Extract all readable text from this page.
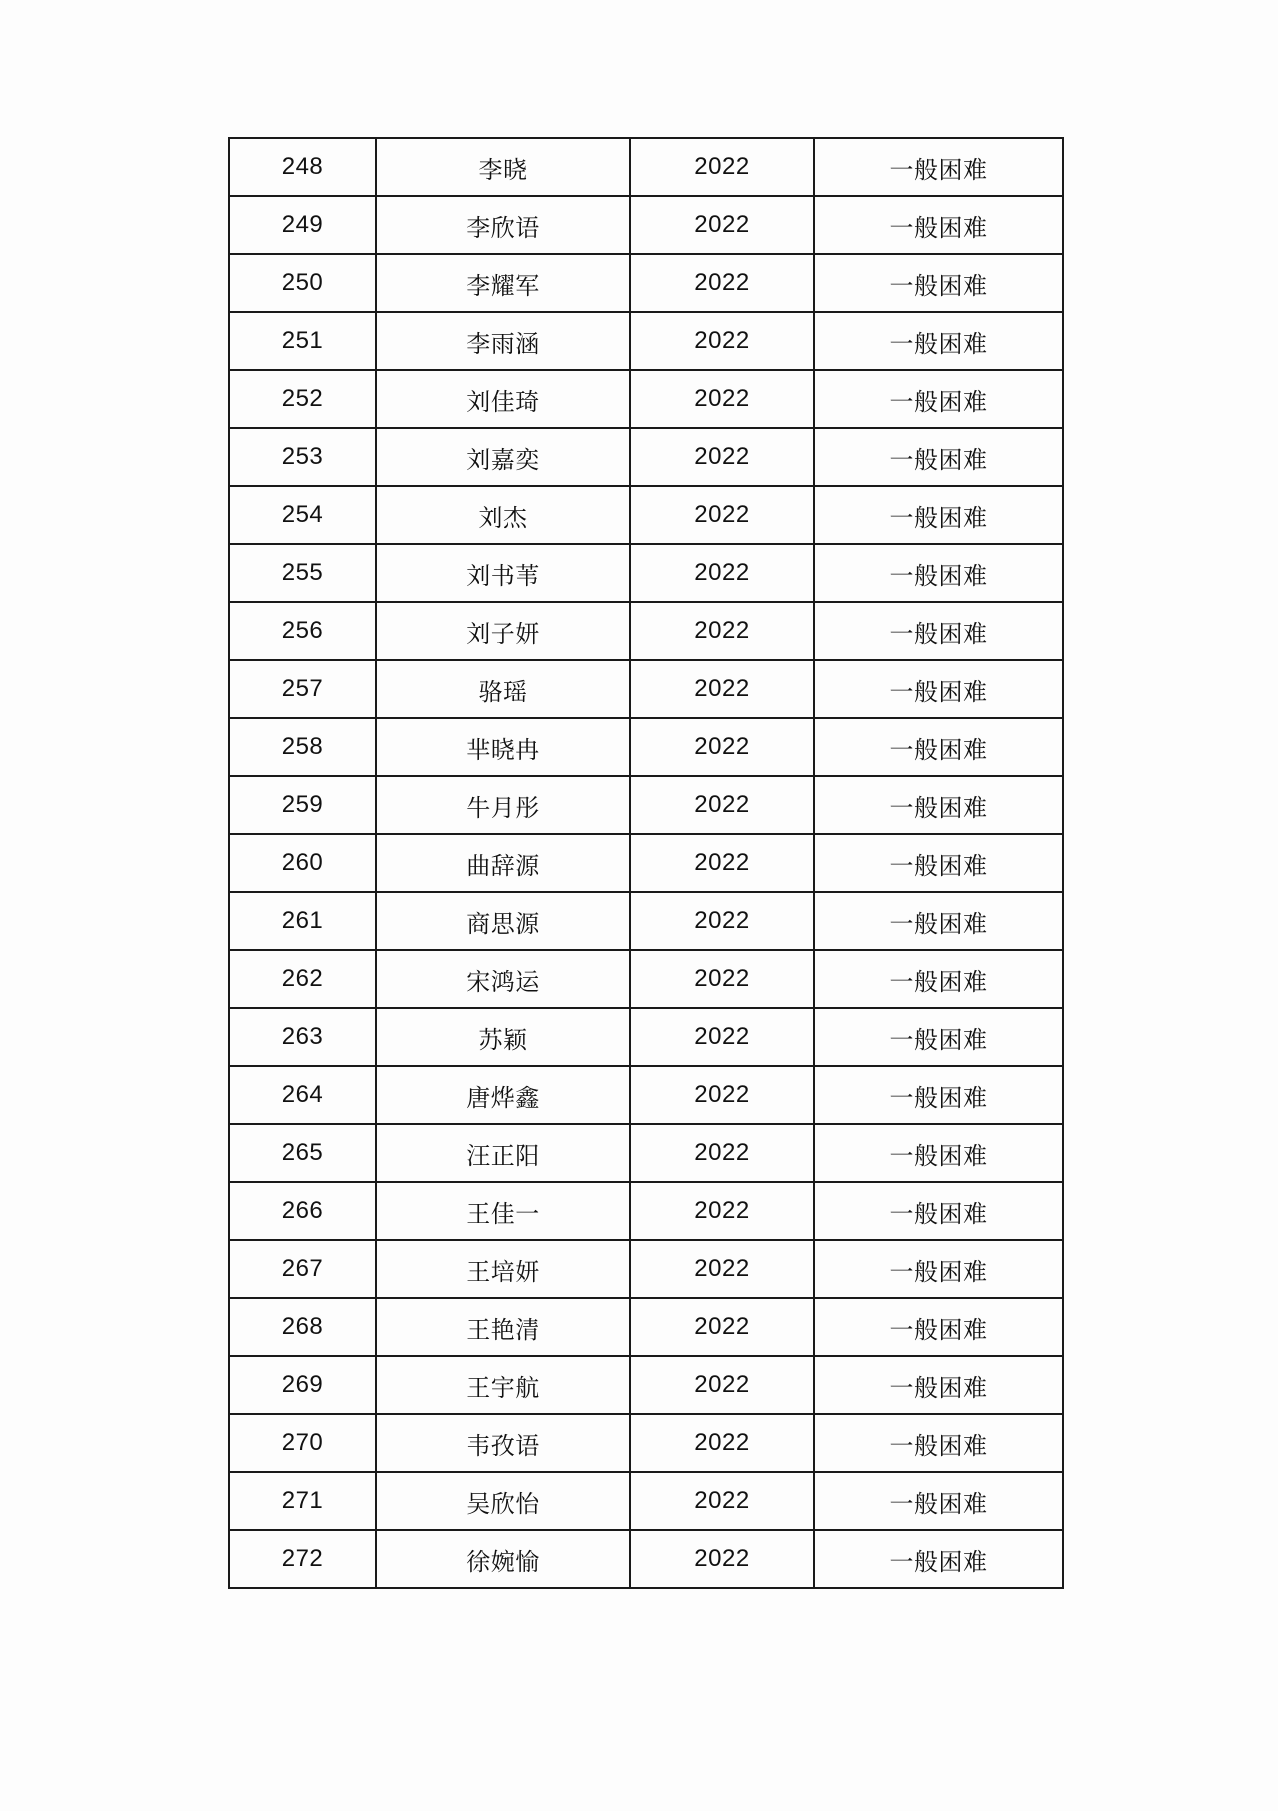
248	李晓	2022	一般困难
249	李欣语	2022	一般困难
250	李耀军	2022	一般困难
251	李雨涵	2022	一般困难
252	刘佳琦	2022	一般困难
253	刘嘉奕	2022	一般困难
254	刘杰	2022	一般困难
255	刘书苇	2022	一般困难
256	刘子妍	2022	一般困难
257	骆瑶	2022	一般困难
258	芈晓冉	2022	一般困难
259	牛月彤	2022	一般困难
260	曲辞源	2022	一般困难
261	商思源	2022	一般困难
262	宋鸿运	2022	一般困难
263	苏颖	2022	一般困难
264	唐烨鑫	2022	一般困难
265	汪正阳	2022	一般困难
266	王佳一	2022	一般困难
267	王培妍	2022	一般困难
268	王艳清	2022	一般困难
269	王宇航	2022	一般困难
270	韦孜语	2022	一般困难
271	吴欣怡	2022	一般困难
272	徐婉愉	2022	一般困难
